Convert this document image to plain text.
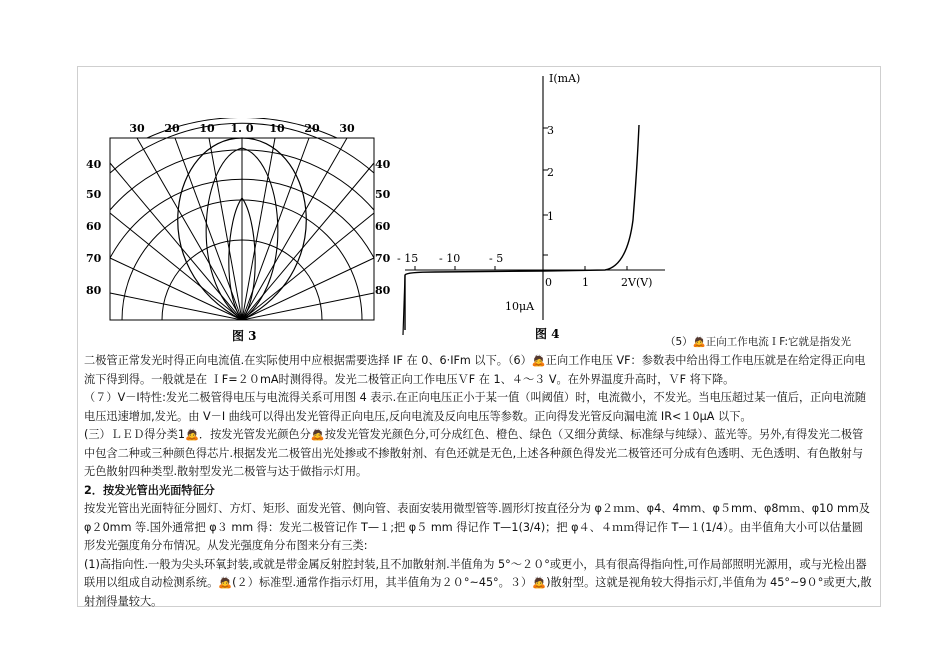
30 20 10 1. 0 10 20 30
40
50
60
70
80
40
50
60
70
80
图 3
I(mA)
3
2
1
- 15 - 10	- 5
0	1	2V(V)
10μA
图 4
（5）🙇正向工作电流ＩF:它就是指发光

二极管正常发光时得正向电流值.在实际使用中应根据需要选择 IF 在 0、6·IFm 以下。（6）🙇正向工作电压 VF：参数表中给出得工作电压就是在给定得正向电流下得到得。一般就是在 ＩF=２０mA时测得得。发光二极管正向工作电压ＶF 在 1、４～３ V。在外界温度升高时，ＶF 将下降。

（７）V－I特性:发光二极管得电压与电流得关系可用图 4 表示.在正向电压正小于某一值（叫阈值）时，电流微小，不发光。当电压超过某一值后，正向电流随电压迅速增加,发光。由 V－I 曲线可以得出发光管得正向电压,反向电流及反向电压等参数。正向得发光管反向漏电流 IR<１0μA 以下。

(三）ＬＥＤ得分类1🙇．按发光管发光颜色分🙇按发光管发光颜色分,可分成红色、橙色、绿色（又细分黄绿、标准绿与纯绿）、蓝光等。另外,有得发光二极管中包含二种或三种颜色得芯片.根据发光二极管出光处掺或不掺散射剂、有色还就是无色,上述各种颜色得发光二极管还可分成有色透明、无色透明、有色散射与无色散射四种类型.散射型发光二极管与达于做指示灯用。

2．按发光管出光面特征分

按发光管出光面特征分圆灯、方灯、矩形、面发光管、侧向管、表面安装用微型管等.圆形灯按直径分为 φ２ｍｍ、φ4、4mm、φ５mm、φ8mｍ、φ10 mm及 φ２0mm 等.国外通常把 φ３ mm 得：发光二极管记作 T—１;把 φ５ mm 得记作 T—1(3/4)；把 φ４、４ｍｍ得记作 T—１(1/4）。由半值角大小可以估量圆形发光强度角分布情况。从发光强度角分布图来分有三类:

(1)高指向性.一般为尖头环氧封装,或就是带金属反射腔封装,且不加散射剂.半值角为 5°～２０°或更小，具有很高得指向性,可作局部照明光源用，或与光检出器联用以组成自动检测系统。🙇(２）标准型.通常作指示灯用，其半值角为２０°~45°。３）🙇)散射型。这就是视角较大得指示灯,半值角为 45°~9０°或更大,散射剂得量较大。
